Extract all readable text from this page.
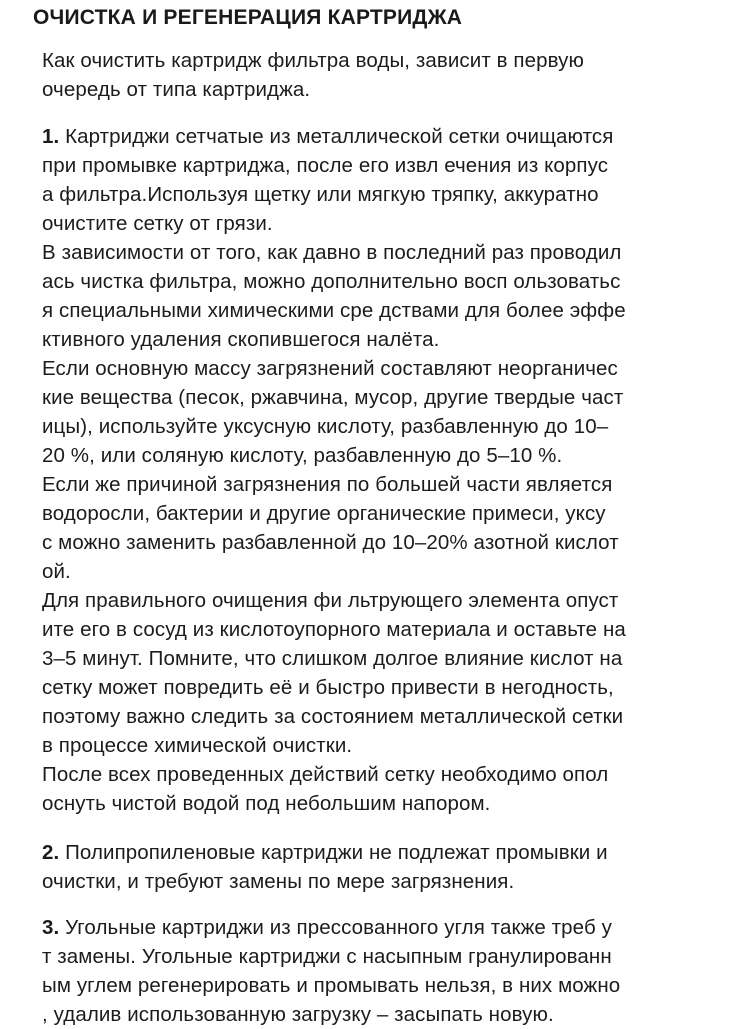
ОЧИСТКА И РЕГЕНЕРАЦИЯ КАРТРИДЖА
Как очистить картридж фильтра воды, зависит в первую
очередь от типа картриджа.
1. Картриджи сетчатые из металлической сетки очищаются
при промывке картриджа, после его извл ечения из корпус
а фильтра.Используя щетку или мягкую тряпку, аккуратно
очистите сетку от грязи.
В зависимости от того, как давно в последний раз проводил
ась чистка фильтра, можно дополнительно восп ользоватьс
я специальными химическими сре дствами для более эффе
ктивного удаления скопившегося налёта.
Если основную массу загрязнений составляют неорганичес
кие вещества (песок, ржавчина, мусор, другие твердые част
ицы), используйте уксусную кислоту, разбавленную до 10–
20 %, или соляную кислоту, разбавленную до 5–10 %.
Если же причиной загрязнения по большей части является
водоросли, бактерии и другие органические примеси, уксу
с можно заменить разбавленной до 10–20% азотной кислот
ой.
Для правильного очищения фи льтрующего элемента опуст
ите его в сосуд из кислотоупорного материала и оставьте на
3–5 минут. Помните, что слишком долгое влияние кислот на
сетку может повредить её и быстро привести в негодность,
поэтому важно следить за состоянием металлической сетки
в процессе химической очистки.
После всех проведенных действий сетку необходимо опол
оснуть чистой водой под небольшим напором.
2. Полипропиленовые картриджи не подлежат промывки и
очистки, и требуют замены по мере загрязнения.
3. Угольные картриджи из прессованного угля также треб у
т замены. Угольные картриджи с насыпным гранулированн
ым углем регенерировать и промывать нельзя, в них можно
, удалив использованную загрузку – засыпать новую.
